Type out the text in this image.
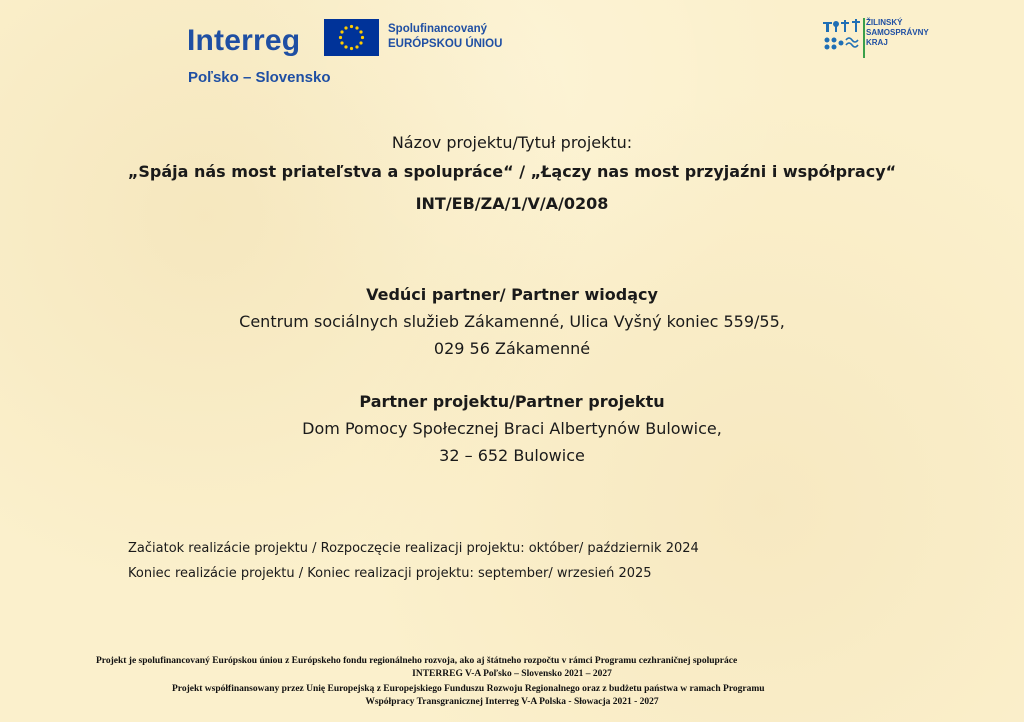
Interreg	Spolufinancovaný
EURÓPSKOU ÚNIOU
Poľsko – Slovensko
ŽILINSKÝ
SAMOSPRÁVNY
KRAJ
Názov projektu/Tytuł projektu:
„Spája nás most priateľstva a spolupráce“ / „Łączy nas most przyjaźni i współpracy“
INT/EB/ZA/1/V/A/0208
Vedúci partner/ Partner wiodący
Centrum sociálnych služieb Zákamenné, Ulica Vyšný koniec 559/55,
029 56 Zákamenné
Partner projektu/Partner projektu
Dom Pomocy Społecznej Braci Albertynów Bulowice,
32 – 652 Bulowice
Začiatok realizácie projektu / Rozpoczęcie realizacji projektu: október/ październik 2024
Koniec realizácie projektu / Koniec realizacji projektu: september/ wrzesień 2025
Projekt je spolufinancovaný Európskou úniou z Európskeho fondu regionálneho rozvoja, ako aj štátneho rozpočtu v rámci Programu cezhraničnej spolupráce
INTERREG V-A Poľsko – Slovensko 2021 – 2027
Projekt współfinansowany przez Unię Europejską z Europejskiego Funduszu Rozwoju Regionalnego oraz z budżetu państwa w ramach Programu
Współpracy Transgranicznej Interreg V-A Polska - Słowacja 2021 - 2027
